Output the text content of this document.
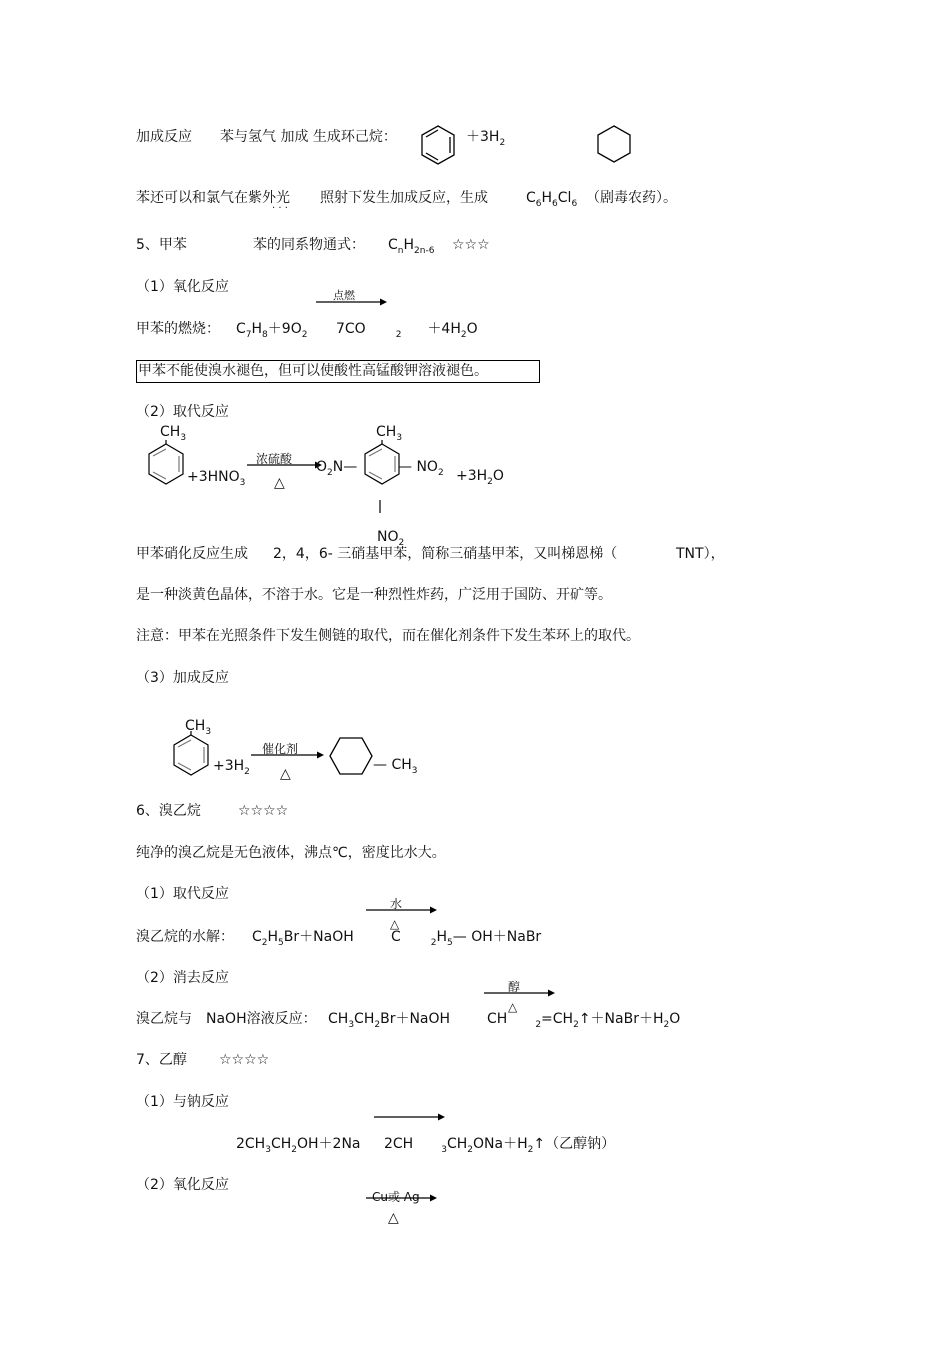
加成反应　　苯与氢气 加成 生成环己烷：	$+3H_2$
苯还可以和氯气在紫外光
· · ·
照射下发生加成反应，生成	$C_6H_6Cl_6$ （剧毒农药）。
5、甲苯	苯的同系物通式： $C_nH_{2n-6}$ ☆☆☆
（1）氧化反应
点燃
甲苯的燃烧： $C_7H_8+9O_2$ 7CO	$_2 +4H_2O$
甲苯不能使溴水褪色，但可以使酸性高锰酸钾溶液褪色。
（2）取代反应
$CH_3$
$+3HNO_3$
浓硫酸
△
$O_2N—$
$CH_3$
— $NO_2 +3H_2O$
$NO_2$
甲苯硝化反应生成 2，4，6- 三硝基甲苯，简称三硝基甲苯，又叫梯恩梯（	TNT），
是一种淡黄色晶体，不溶于水。它是一种烈性炸药，广泛用于国防、开矿等。
注意：甲苯在光照条件下发生侧链的取代，而在催化剂条件下发生苯环上的取代。
（3）加成反应
$CH_3$
$+3H_2$
催化剂
△
— $CH_3$
6、溴乙烷	☆☆☆☆
纯净的溴乙烷是无色液体，沸点℃，密度比水大。
（1）取代反应
水
△
溴乙烷的水解： $C_2H_5Br+NaOH$	C	$_2H_5—$ OH＋NaBr
（2）消去反应
醇
△
溴乙烷与 NaOH溶液反应： $CH_3CH_2Br+NaOH$	CH	$_2=CH_2↑+NaBr+H_2O$
7、乙醇 ☆☆☆☆
（1）与钠反应
$2CH_3CH_2OH+2Na$ 2CH	$_3CH_2ONa+H_2↑$（乙醇钠）
（2）氧化反应
Cu或 Ag
△
